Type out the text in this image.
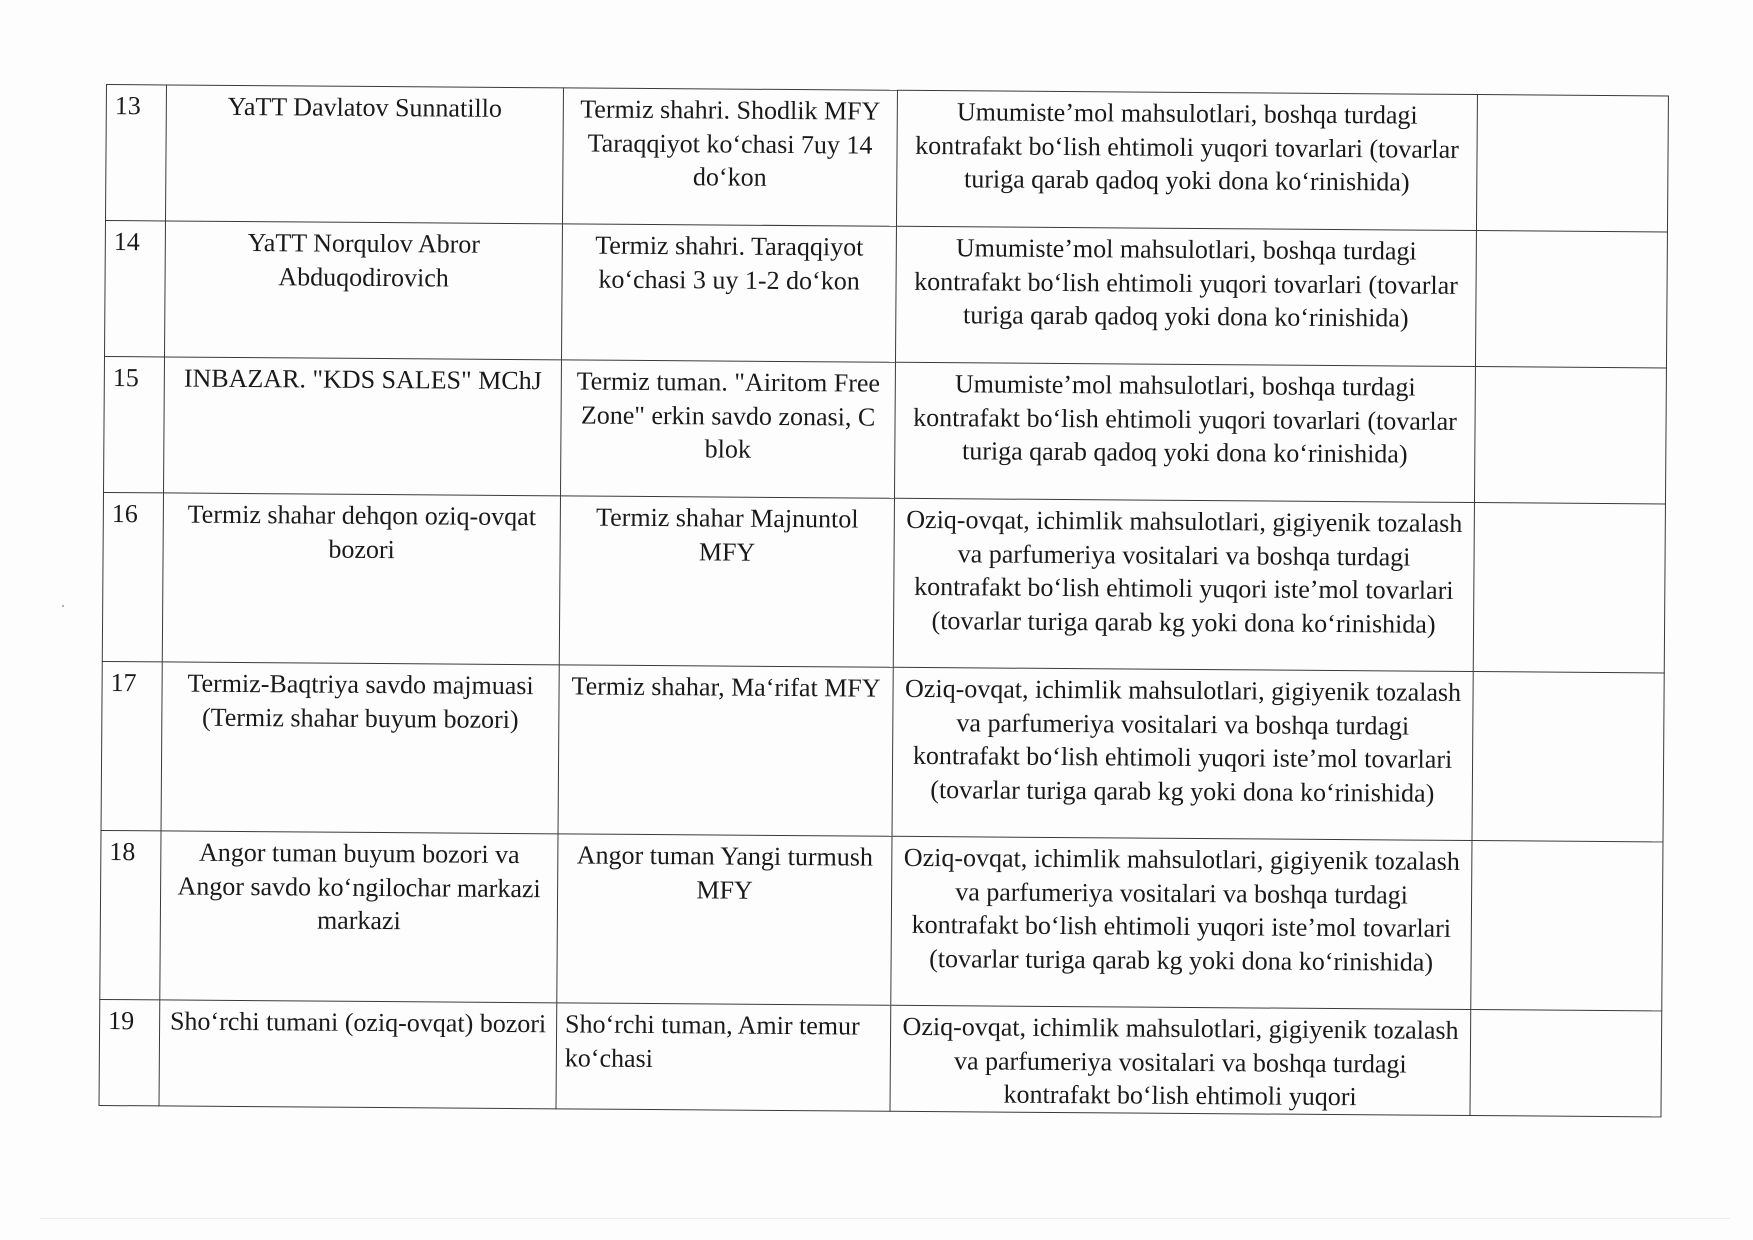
13	YaTT Davlatov Sunnatillo	Termiz shahri. Shodlik MFY Taraqqiyot ko‘chasi 7uy 14 do‘kon	Umumiste’mol mahsulotlari, boshqa turdagi kontrafakt bo‘lish ehtimoli yuqori tovarlari (tovarlar turiga qarab qadoq yoki dona ko‘rinishida)	
14	YaTT Norqulov Abror Abduqodirovich	Termiz shahri. Taraqqiyot ko‘chasi 3 uy 1-2 do‘kon	Umumiste’mol mahsulotlari, boshqa turdagi kontrafakt bo‘lish ehtimoli yuqori tovarlari (tovarlar turiga qarab qadoq yoki dona ko‘rinishida)	
15	INBAZAR. "KDS SALES" MChJ	Termiz tuman. "Airitom Free Zone" erkin savdo zonasi, C blok	Umumiste’mol mahsulotlari, boshqa turdagi kontrafakt bo‘lish ehtimoli yuqori tovarlari (tovarlar turiga qarab qadoq yoki dona ko‘rinishida)	
16	Termiz shahar dehqon oziq-ovqat bozori	Termiz shahar Majnuntol MFY	Oziq-ovqat, ichimlik mahsulotlari, gigiyenik tozalash va parfumeriya vositalari va boshqa turdagi kontrafakt bo‘lish ehtimoli yuqori iste’mol tovarlari (tovarlar turiga qarab kg yoki dona ko‘rinishida)	
17	Termiz-Baqtriya savdo majmuasi (Termiz shahar buyum bozori)	Termiz shahar, Ma‘rifat MFY	Oziq-ovqat, ichimlik mahsulotlari, gigiyenik tozalash va parfumeriya vositalari va boshqa turdagi kontrafakt bo‘lish ehtimoli yuqori iste’mol tovarlari (tovarlar turiga qarab kg yoki dona ko‘rinishida)	
18	Angor tuman buyum bozori va Angor savdo ko‘ngilochar markazi markazi	Angor tuman Yangi turmush MFY	Oziq-ovqat, ichimlik mahsulotlari, gigiyenik tozalash va parfumeriya vositalari va boshqa turdagi kontrafakt bo‘lish ehtimoli yuqori iste’mol tovarlari (tovarlar turiga qarab kg yoki dona ko‘rinishida)	
19	Sho‘rchi tumani (oziq-ovqat) bozori	Sho‘rchi tuman, Amir temur ko‘chasi	Oziq-ovqat, ichimlik mahsulotlari, gigiyenik tozalash va parfumeriya vositalari va boshqa turdagi kontrafakt bo‘lish ehtimoli yuqori	
